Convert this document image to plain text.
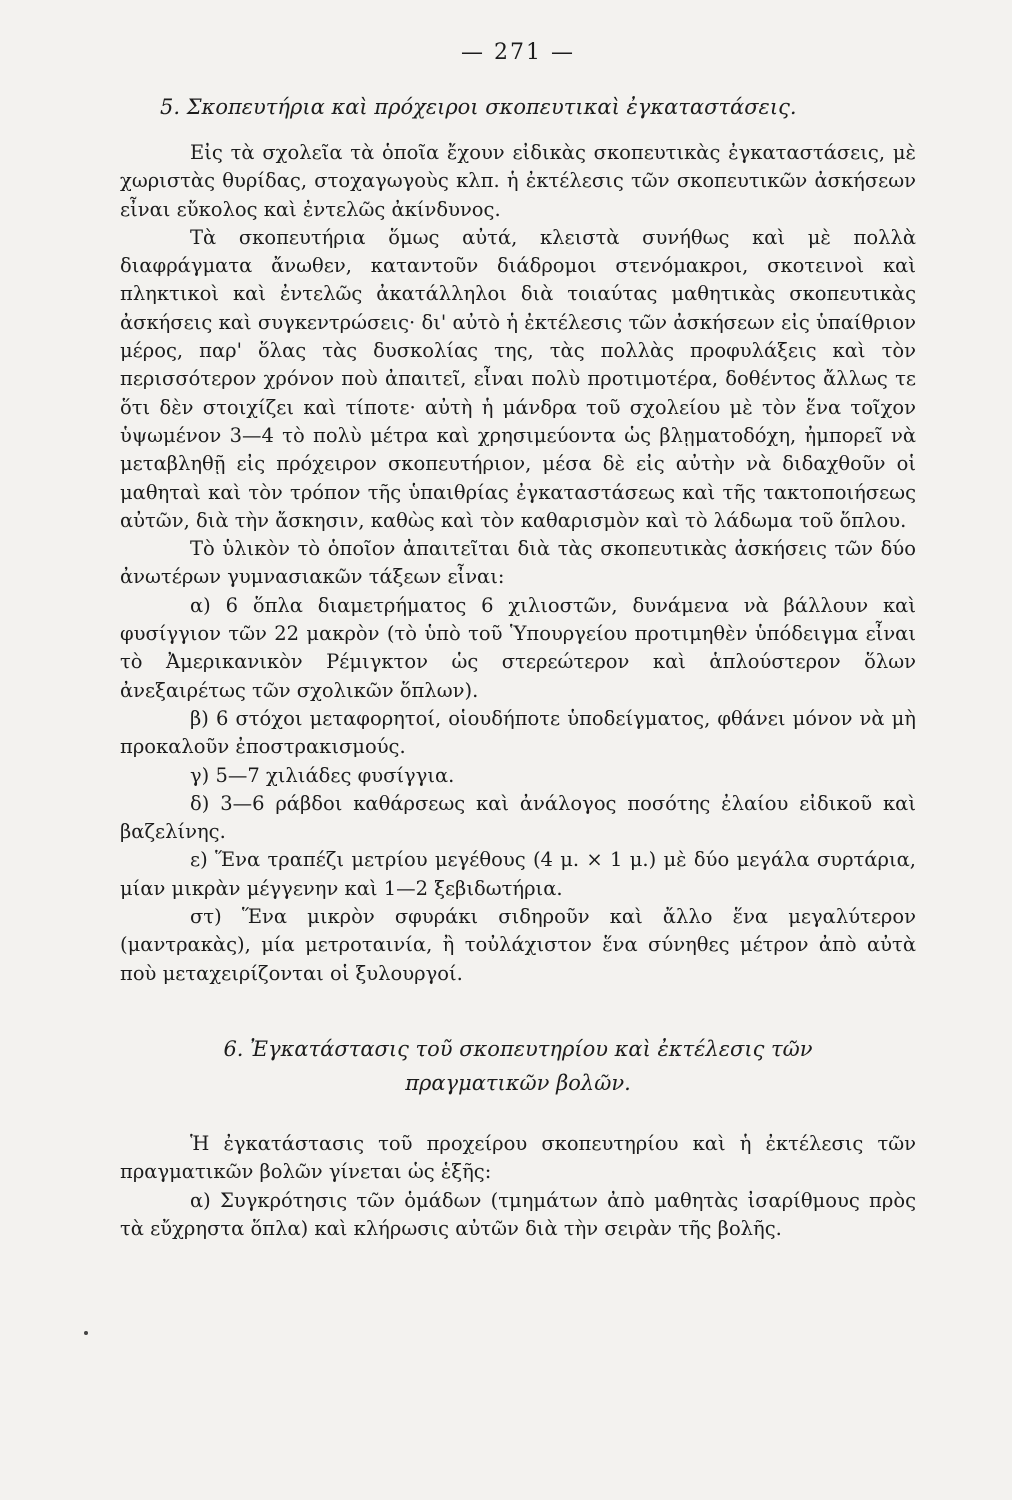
— 271 —
5. Σκοπευτήρια καὶ πρόχειροι σκοπευτικαὶ ἐγκαταστάσεις.

Εἰς τὰ σχολεῖα τὰ ὁποῖα ἔχουν εἰδικὰς σκοπευτικὰς ἐγκαταστάσεις, μὲ χωριστὰς θυρίδας, στοχαγωγοὺς κλπ. ἡ ἐκτέλεσις τῶν σκοπευτικῶν ἀσκήσεων εἶναι εὔκολος καὶ ἐντελῶς ἀκίνδυνος.

Τὰ σκοπευτήρια ὅμως αὐτά, κλειστὰ συνήθως καὶ μὲ πολλὰ διαφράγματα ἄνωθεν, καταντοῦν διάδρομοι στενόμακροι, σκοτεινοὶ καὶ πληκτικοὶ καὶ ἐντελῶς ἀκατάλληλοι διὰ τοιαύτας μαθητικὰς σκοπευτικὰς ἀσκήσεις καὶ συγκεντρώσεις· δι' αὐτὸ ἡ ἐκτέλεσις τῶν ἀσκήσεων εἰς ὑπαίθριον μέρος, παρ' ὅλας τὰς δυσκολίας της, τὰς πολλὰς προφυλάξεις καὶ τὸν περισσότερον χρόνον ποὺ ἀπαιτεῖ, εἶναι πολὺ προτιμοτέρα, δοθέντος ἄλλως τε ὅτι δὲν στοιχίζει καὶ τίποτε· αὐτὴ ἡ μάνδρα τοῦ σχολείου μὲ τὸν ἕνα τοῖχον ὑψωμένον 3—4 τὸ πολὺ μέτρα καὶ χρησιμεύοντα ὡς βλῃματοδόχη, ἠμπορεῖ νὰ μεταβληθῇ εἰς πρόχειρον σκοπευτήριον, μέσα δὲ εἰς αὐτὴν νὰ διδαχθοῦν οἱ μαθηταὶ καὶ τὸν τρόπον τῆς ὑπαιθρίας ἐγκαταστάσεως καὶ τῆς τακτοποιήσεως αὐτῶν, διὰ τὴν ἄσκησιν, καθὼς καὶ τὸν καθαρισμὸν καὶ τὸ λάδωμα τοῦ ὅπλου.

Τὸ ὑλικὸν τὸ ὁποῖον ἀπαιτεῖται διὰ τὰς σκοπευτικὰς ἀσκήσεις τῶν δύο ἀνωτέρων γυμνασιακῶν τάξεων εἶναι:

α) 6 ὅπλα διαμετρήματος 6 χιλιοστῶν, δυνάμενα νὰ βάλλουν καὶ φυσίγγιον τῶν 22 μακρὸν (τὸ ὑπὸ τοῦ Ὑπουργείου προτιμηθὲν ὑπόδειγμα εἶναι τὸ Ἀμερικανικὸν Ρέμιγκτον ὡς στερεώτερον καὶ ἁπλούστερον ὅλων ἀνεξαιρέτως τῶν σχολικῶν ὅπλων).

β) 6 στόχοι μεταφορητοί, οἱουδήποτε ὑποδείγματος, φθάνει μόνον νὰ μὴ προκαλοῦν ἐποστρακισμούς.

γ) 5—7 χιλιάδες φυσίγγια.

δ) 3—6 ράβδοι καθάρσεως καὶ ἀνάλογος ποσότης ἐλαίου εἰδικοῦ καὶ βαζελίνης.

ε) Ἕνα τραπέζι μετρίου μεγέθους (4 μ. × 1 μ.) μὲ δύο μεγάλα συρτάρια, μίαν μικρὰν μέγγενην καὶ 1—2 ξεβιδωτήρια.

στ) Ἕνα μικρὸν σφυράκι σιδηροῦν καὶ ἄλλο ἕνα μεγαλύτερον (μαντρακὰς), μία μετροταινία, ἢ τοὐλάχιστον ἕνα σύνηθες μέτρον ἀπὸ αὐτὰ ποὺ μεταχειρίζονται οἱ ξυλουργοί.

6. Ἐγκατάστασις τοῦ σκοπευτηρίου καὶ ἐκτέλεσις τῶν
πραγματικῶν βολῶν.

Ἡ ἐγκατάστασις τοῦ προχείρου σκοπευτηρίου καὶ ἡ ἐκτέλεσις τῶν πραγματικῶν βολῶν γίνεται ὡς ἑξῆς:

α) Συγκρότησις τῶν ὁμάδων (τμημάτων ἀπὸ μαθητὰς ἰσαρίθμους πρὸς τὰ εὔχρηστα ὅπλα) καὶ κλήρωσις αὐτῶν διὰ τὴν σειρὰν τῆς βολῆς.
